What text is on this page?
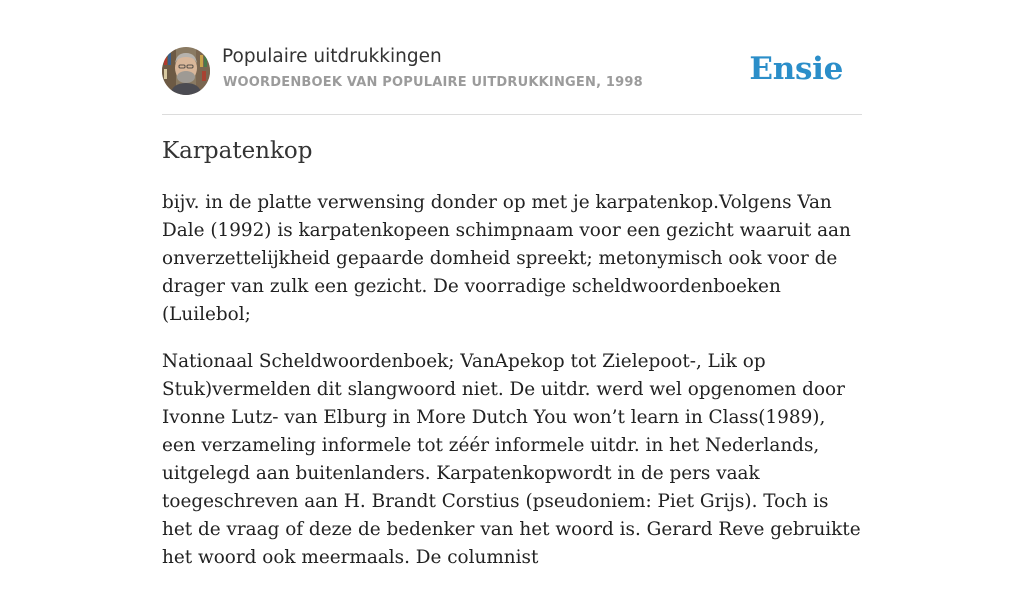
Populaire uitdrukkingen
WOORDENBOEK VAN POPULAIRE UITDRUKKINGEN, 1998	Ensie
Karpatenkop

bijv. in de platte verwensing donder op met je karpatenkop.Volgens Van Dale (1992) is karpatenkopeen schimpnaam voor een gezicht waaruit aan onverzettelijkheid gepaarde domheid spreekt; metonymisch ook voor de drager van zulk een gezicht. De voorradige scheldwoordenboeken (Luilebol;

Nationaal Scheldwoordenboek; VanApekop tot Zielepoot-, Lik op Stuk)vermelden dit slangwoord niet. De uitdr. werd wel opgenomen door Ivonne Lutz- van Elburg in More Dutch You won’t learn in Class(1989), een verzameling informele tot zéér informele uitdr. in het Nederlands, uitgelegd aan buitenlanders. Karpatenkopwordt in de pers vaak toegeschreven aan H. Brandt Corstius (pseudoniem: Piet Grijs). Toch is het de vraag of deze de bedenker van het woord is. Gerard Reve gebruikte het woord ook meermaals. De columnist
